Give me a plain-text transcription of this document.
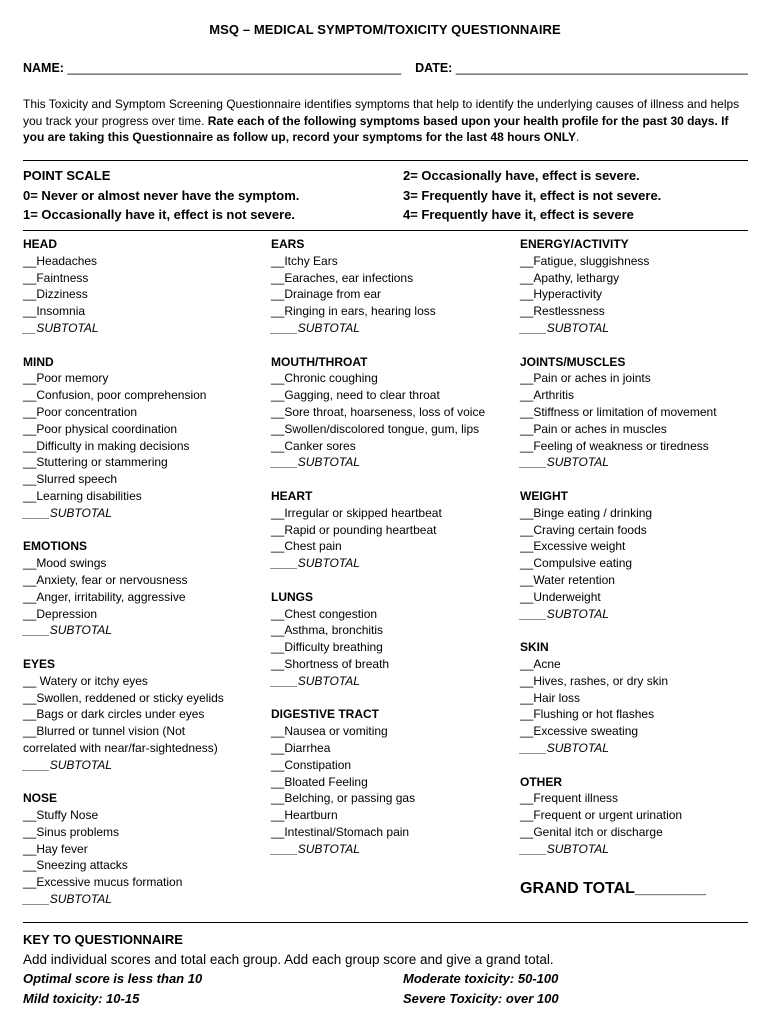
MSQ – MEDICAL SYMPTOM/TOXICITY QUESTIONNAIRE
NAME: ________________________________________________ DATE: __________________________________________
This Toxicity and Symptom Screening Questionnaire identifies symptoms that help to identify the underlying causes of illness and helps you track your progress over time. Rate each of the following symptoms based upon your health profile for the past 30 days. If you are taking this Questionnaire as follow up, record your symptoms for the last 48 hours ONLY.
POINT SCALE
0= Never or almost never have the symptom.
1= Occasionally have it, effect is not severe.
2= Occasionally have, effect is severe.
3= Frequently have it, effect is not severe.
4= Frequently have it, effect is severe
HEAD
__Headaches
__Faintness
__Dizziness
__Insomnia
__SUBTOTAL
MIND
__Poor memory
__Confusion, poor comprehension
__Poor concentration
__Poor physical coordination
__Difficulty in making decisions
__Stuttering or stammering
__Slurred speech
__Learning disabilities
____SUBTOTAL
EMOTIONS
__Mood swings
__Anxiety, fear or nervousness
__Anger, irritability, aggressive
__Depression
____SUBTOTAL
EYES
__ Watery or itchy eyes
__Swollen, reddened or sticky eyelids
__Bags or dark circles under eyes
__Blurred or tunnel vision (Not
correlated with near/far-sightedness)
____SUBTOTAL
NOSE
__Stuffy Nose
__Sinus problems
__Hay fever
__Sneezing attacks
__Excessive mucus formation
____SUBTOTAL
EARS
__Itchy Ears
__Earaches, ear infections
__Drainage from ear
__Ringing in ears, hearing loss
____SUBTOTAL
MOUTH/THROAT
__Chronic coughing
__Gagging, need to clear throat
__Sore throat, hoarseness, loss of voice
__Swollen/discolored tongue, gum, lips
__Canker sores
____SUBTOTAL
HEART
__Irregular or skipped heartbeat
__Rapid or pounding heartbeat
__Chest pain
____SUBTOTAL
LUNGS
__Chest congestion
__Asthma, bronchitis
__Difficulty breathing
__Shortness of breath
____SUBTOTAL
DIGESTIVE TRACT
__Nausea or vomiting
__Diarrhea
__Constipation
__Bloated Feeling
__Belching, or passing gas
__Heartburn
__Intestinal/Stomach pain
____SUBTOTAL
ENERGY/ACTIVITY
__Fatigue, sluggishness
__Apathy, lethargy
__Hyperactivity
__Restlessness
____SUBTOTAL
JOINTS/MUSCLES
__Pain or aches in joints
__Arthritis
__Stiffness or limitation of movement
__Pain or aches in muscles
__Feeling of weakness or tiredness
____SUBTOTAL
WEIGHT
__Binge eating / drinking
__Craving certain foods
__Excessive weight
__Compulsive eating
__Water retention
__Underweight
____SUBTOTAL
SKIN
__Acne
__Hives, rashes, or dry skin
__Hair loss
__Flushing or hot flashes
__Excessive sweating
____SUBTOTAL
OTHER
__Frequent illness
__Frequent or urgent urination
__Genital itch or discharge
____SUBTOTAL
GRAND TOTAL________
KEY TO QUESTIONNAIRE
Add individual scores and total each group. Add each group score and give a grand total.
Optimal score is less than 10	Moderate toxicity: 50-100
Mild toxicity: 10-15	Severe Toxicity: over 100
